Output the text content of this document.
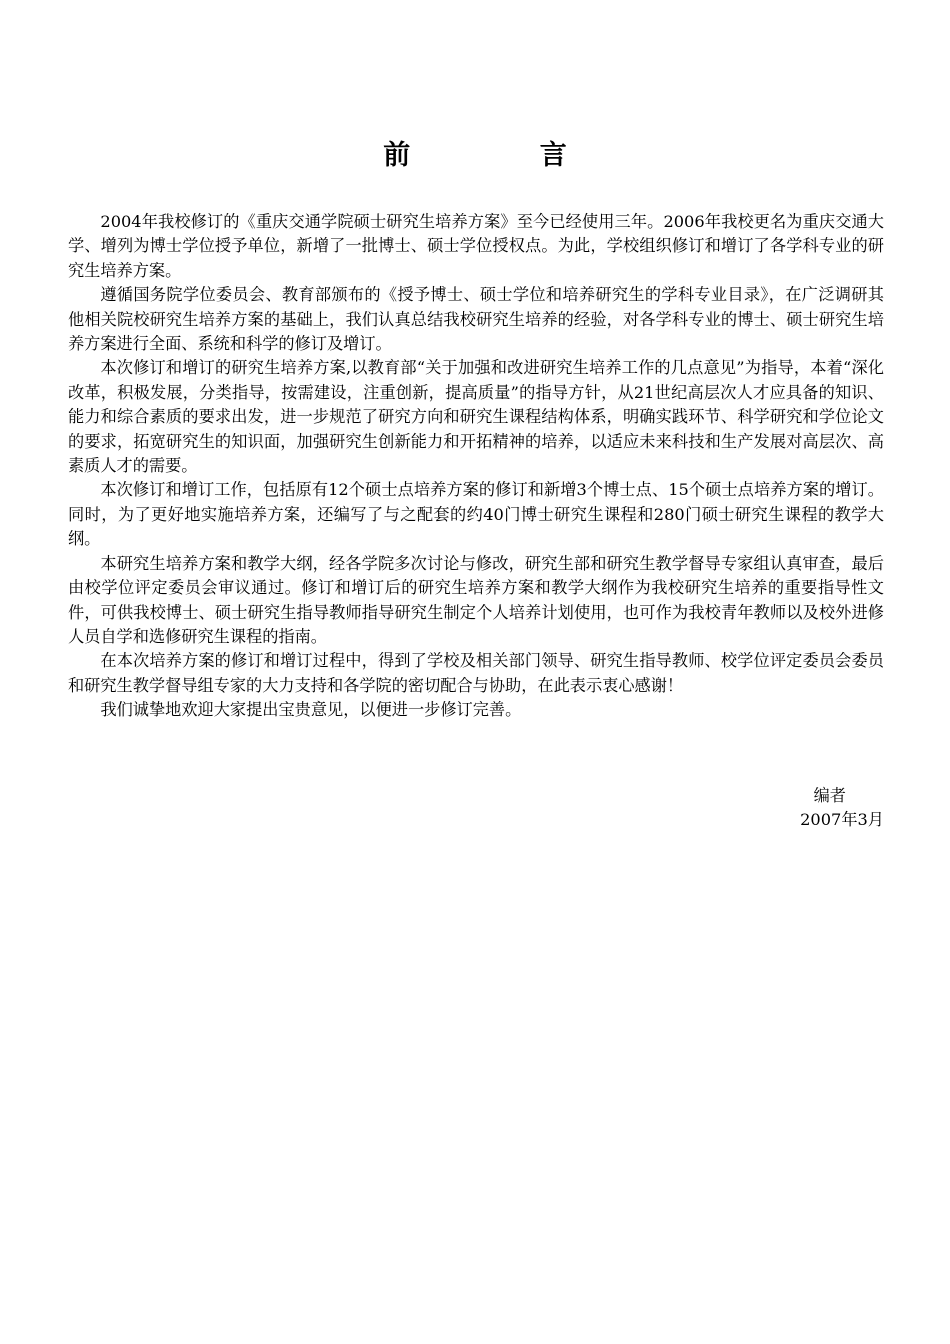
前 言

2004年我校修订的《重庆交通学院硕士研究生培养方案》至今已经使用三年。2006年我校更名为重庆交通大学、增列为博士学位授予单位，新增了一批博士、硕士学位授权点。为此，学校组织修订和增订了各学科专业的研究生培养方案。

遵循国务院学位委员会、教育部颁布的《授予博士、硕士学位和培养研究生的学科专业目录》，在广泛调研其他相关院校研究生培养方案的基础上，我们认真总结我校研究生培养的经验，对各学科专业的博士、硕士研究生培养方案进行全面、系统和科学的修订及增订。

本次修订和增订的研究生培养方案,以教育部“关于加强和改进研究生培养工作的几点意见”为指导，本着“深化改革，积极发展，分类指导，按需建设，注重创新，提高质量”的指导方针，从21世纪高层次人才应具备的知识、能力和综合素质的要求出发，进一步规范了研究方向和研究生课程结构体系，明确实践环节、科学研究和学位论文的要求，拓宽研究生的知识面，加强研究生创新能力和开拓精神的培养，以适应未来科技和生产发展对高层次、高素质人才的需要。

本次修订和增订工作，包括原有12个硕士点培养方案的修订和新增3个博士点、15个硕士点培养方案的增订。同时，为了更好地实施培养方案，还编写了与之配套的约40门博士研究生课程和280门硕士研究生课程的教学大纲。

本研究生培养方案和教学大纲，经各学院多次讨论与修改，研究生部和研究生教学督导专家组认真审查，最后由校学位评定委员会审议通过。修订和增订后的研究生培养方案和教学大纲作为我校研究生培养的重要指导性文件，可供我校博士、硕士研究生指导教师指导研究生制定个人培养计划使用，也可作为我校青年教师以及校外进修人员自学和选修研究生课程的指南。

在本次培养方案的修订和增订过程中，得到了学校及相关部门领导、研究生指导教师、校学位评定委员会委员和研究生教学督导组专家的大力支持和各学院的密切配合与协助，在此表示衷心感谢！

我们诚挚地欢迎大家提出宝贵意见，以便进一步修订完善。

编者
2007年3月
